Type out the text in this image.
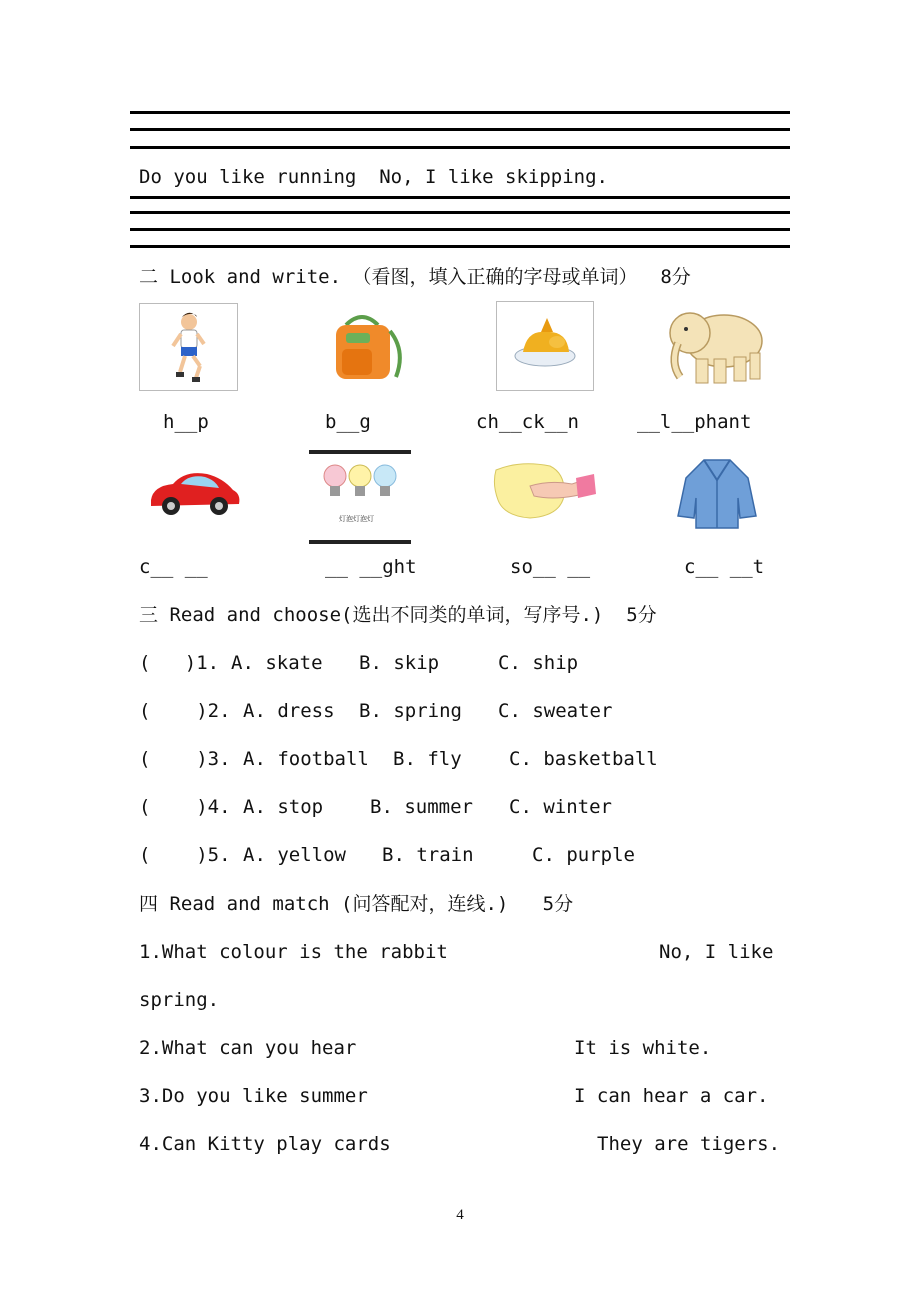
Do you like running  No, I like skipping.
二 Look and write. （看图，填入正确的字母或单词）  8分
h__p	b__g	ch__ck__n	__l__phant
灯泡灯泡灯
c__ __	__ __ght	so__ __	c__ __t
三 Read and choose(选出不同类的单词，写序号.)  5分
(   )1. A. skate B. skip	C. ship
(    )2. A. dress B. spring C. sweater
(    )3. A. football B. fly C. basketball
(    )4. A. stop B. summer C. winter
(    )5. A. yellow B. train	C. purple
四 Read and match (问答配对，连线.)   5分
1.What colour is the rabbit	No, I like
spring.
2.What can you hear	It is white.
3.Do you like summer	I can hear a car.
4.Can Kitty play cards	They are tigers.
4
